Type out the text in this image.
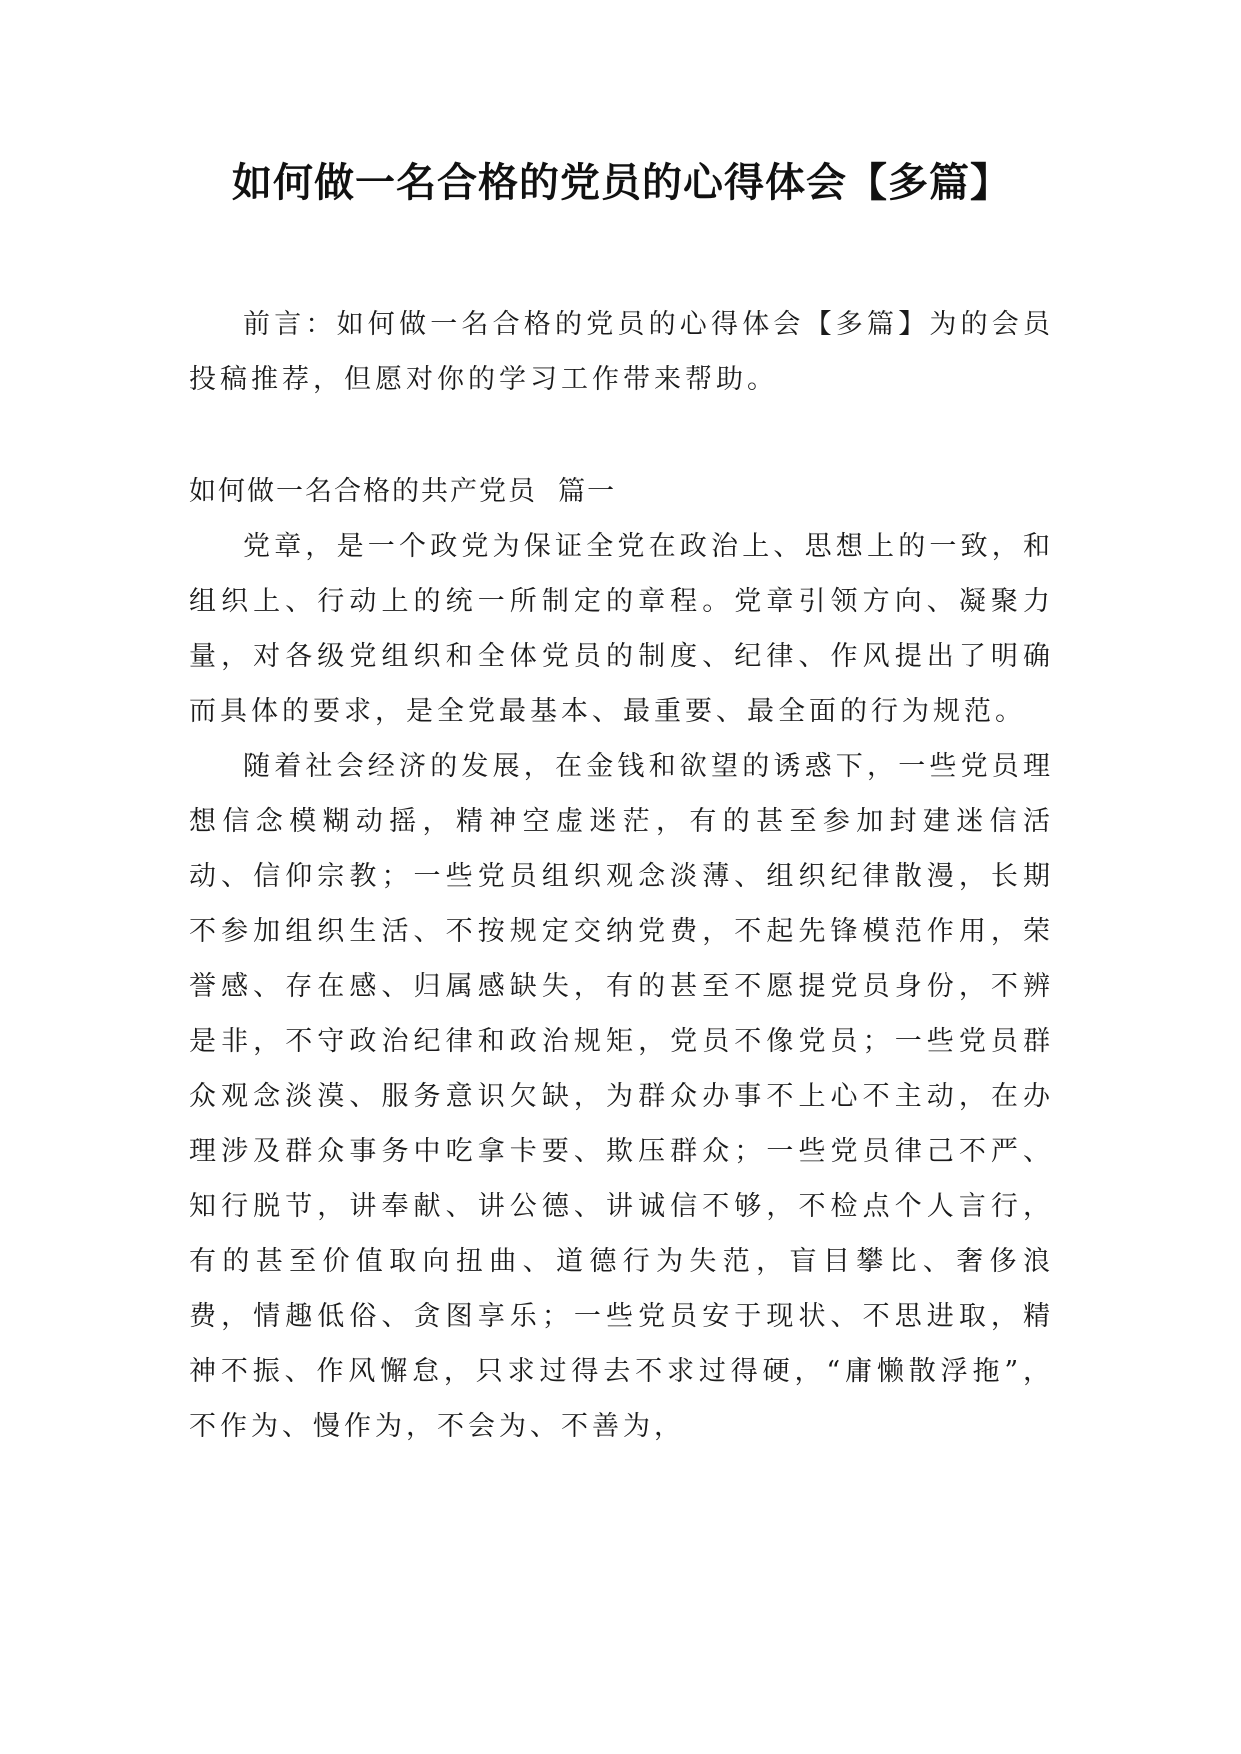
如何做一名合格的党员的心得体会【多篇】

前言：如何做一名合格的党员的心得体会【多篇】为的会员投稿推荐，但愿对你的学习工作带来帮助。

如何做一名合格的共产党员  篇一

党章，是一个政党为保证全党在政治上、思想上的一致，和组织上、行动上的统一所制定的章程。党章引领方向、凝聚力量，对各级党组织和全体党员的制度、纪律、作风提出了明确而具体的要求，是全党最基本、最重要、最全面的行为规范。

随着社会经济的发展，在金钱和欲望的诱惑下，一些党员理想信念模糊动摇，精神空虚迷茫，有的甚至参加封建迷信活动、信仰宗教；一些党员组织观念淡薄、组织纪律散漫，长期不参加组织生活、不按规定交纳党费，不起先锋模范作用，荣誉感、存在感、归属感缺失，有的甚至不愿提党员身份，不辨是非，不守政治纪律和政治规矩，党员不像党员；一些党员群众观念淡漠、服务意识欠缺，为群众办事不上心不主动，在办理涉及群众事务中吃拿卡要、欺压群众；一些党员律己不严、知行脱节，讲奉献、讲公德、讲诚信不够，不检点个人言行，有的甚至价值取向扭曲、道德行为失范，盲目攀比、奢侈浪费，情趣低俗、贪图享乐；一些党员安于现状、不思进取，精神不振、作风懈怠，只求过得去不求过得硬，“庸懒散浮拖”，不作为、慢作为，不会为、不善为，
